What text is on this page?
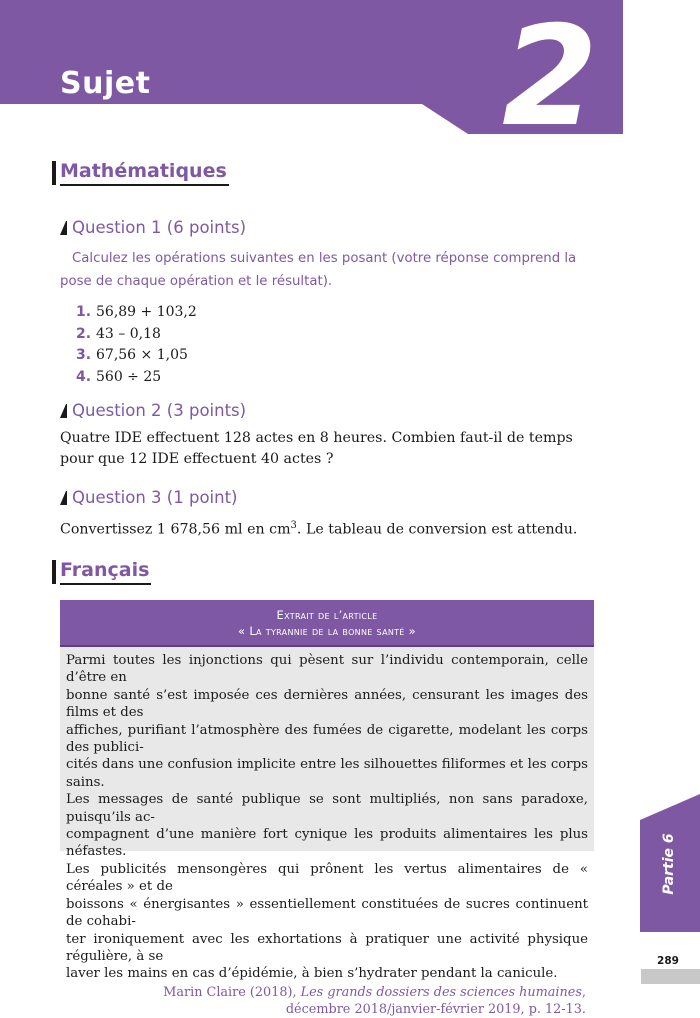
Sujet	2
Mathématiques
Question 1 (6 points)
Calculez les opérations suivantes en les posant (votre réponse comprend la pose de chaque opération et le résultat).
1. 56,89 + 103,2
2. 43 – 0,18
3. 67,56 × 1,05
4. 560 ÷ 25
Question 2 (3 points)
Quatre IDE effectuent 128 actes en 8 heures. Combien faut-il de temps pour que 12 IDE effectuent 40 actes ?
Question 3 (1 point)
Convertissez 1 678,56 ml en $cm^3$. Le tableau de conversion est attendu.
Français
Extrait de l’article
« La tyrannie de la bonne santé »
Parmi toutes les injonctions qui pèsent sur l’individu contemporain, celle d’être en
bonne santé s’est imposée ces dernières années, censurant les images des films et des
affiches, purifiant l’atmosphère des fumées de cigarette, modelant les corps des publici-
cités dans une confusion implicite entre les silhouettes filiformes et les corps sains.
Les messages de santé publique se sont multipliés, non sans paradoxe, puisqu’ils ac-
compagnent d’une manière fort cynique les produits alimentaires les plus néfastes.
Les publicités mensongères qui prônent les vertus alimentaires de « céréales » et de
boissons « énergisantes » essentiellement constituées de sucres continuent de cohabi-
ter ironiquement avec les exhortations à pratiquer une activité physique régulière, à se
laver les mains en cas d’épidémie, à bien s’hydrater pendant la canicule.
Marin Claire (2018), Les grands dossiers des sciences humaines,
décembre 2018/janvier-février 2019, p. 12-13.
Partie 6
289
